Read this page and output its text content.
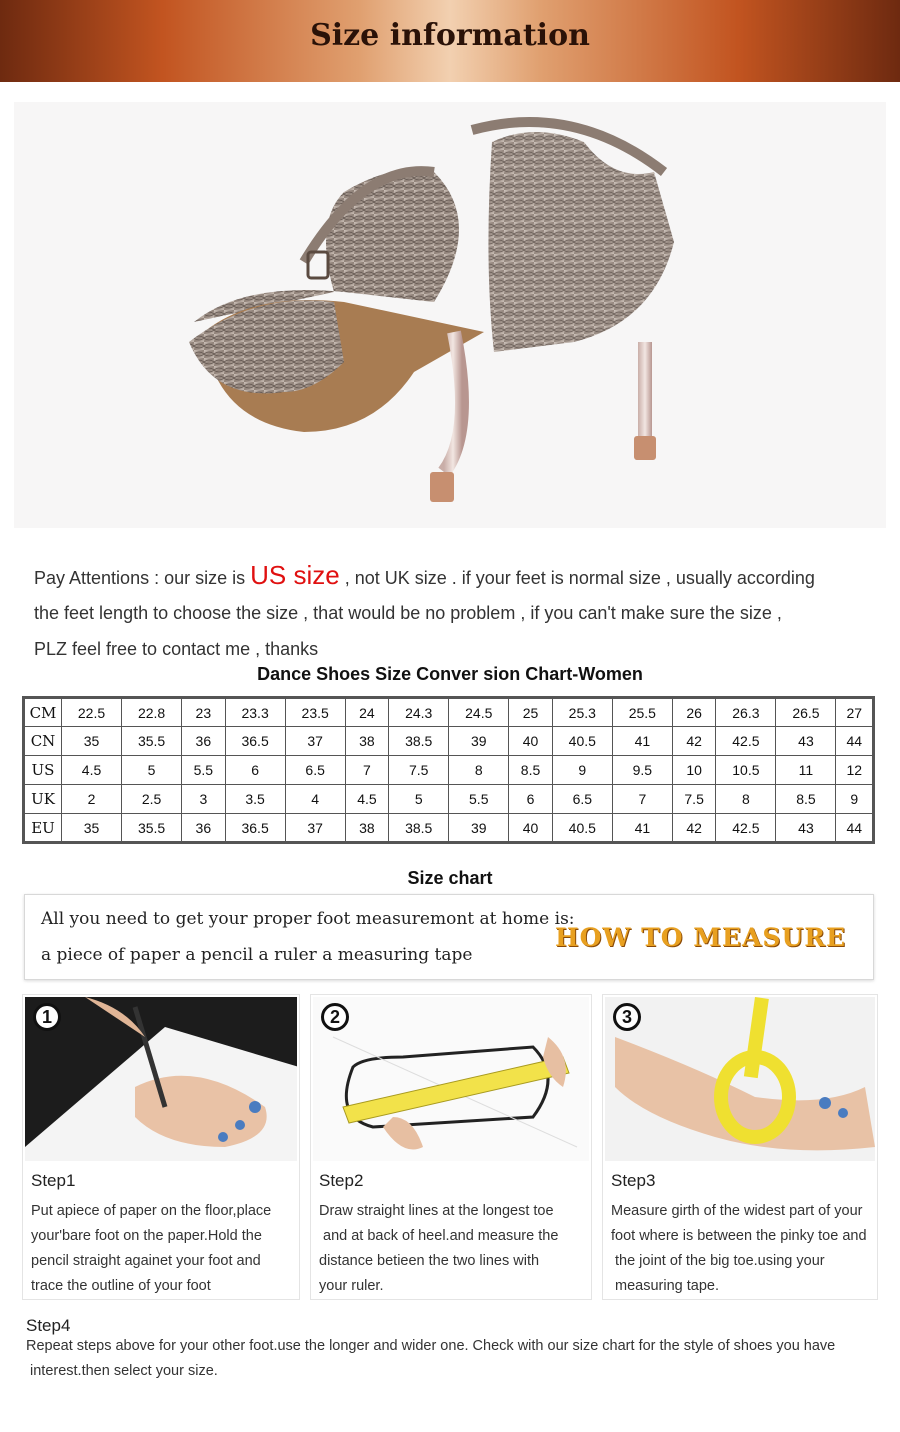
Size information
Pay Attentions : our size is US size , not UK size . if your feet is normal size , usually according
the feet length to choose the size , that would be no problem , if you can't make sure the size ,
PLZ feel free to contact me , thanks
Dance Shoes Size Conver sion Chart-Women
CM	22.5	22.8	23	23.3	23.5	24	24.3	24.5	25	25.3	25.5	26	26.3	26.5	27
CN	35	35.5	36	36.5	37	38	38.5	39	40	40.5	41	42	42.5	43	44
US	4.5	5	5.5	6	6.5	7	7.5	8	8.5	9	9.5	10	10.5	11	12
UK	2	2.5	3	3.5	4	4.5	5	5.5	6	6.5	7	7.5	8	8.5	9
EU	35	35.5	36	36.5	37	38	38.5	39	40	40.5	41	42	42.5	43	44
Size chart
All you need to get your proper foot measuremont at home is:
a piece of paper a pencil a ruler a measuring tape
HOW TO MEASURE
1
Step1
Put apiece of paper on the floor,place
your'bare foot on the paper.Hold the
pencil straight againet your foot and
trace the outline of your foot
2
Step2
Draw straight lines at the longest toe
and at back of heel.and measure the
distance betieen the two lines with
your ruler.
3
Step3
Measure girth of the widest part of your
foot where is between the pinky toe and
the joint of the big toe.using your
measuring tape.
Step4
Repeat steps above for your other foot.use the longer and wider one. Check with our size chart for the style of shoes you have
interest.then select your size.
